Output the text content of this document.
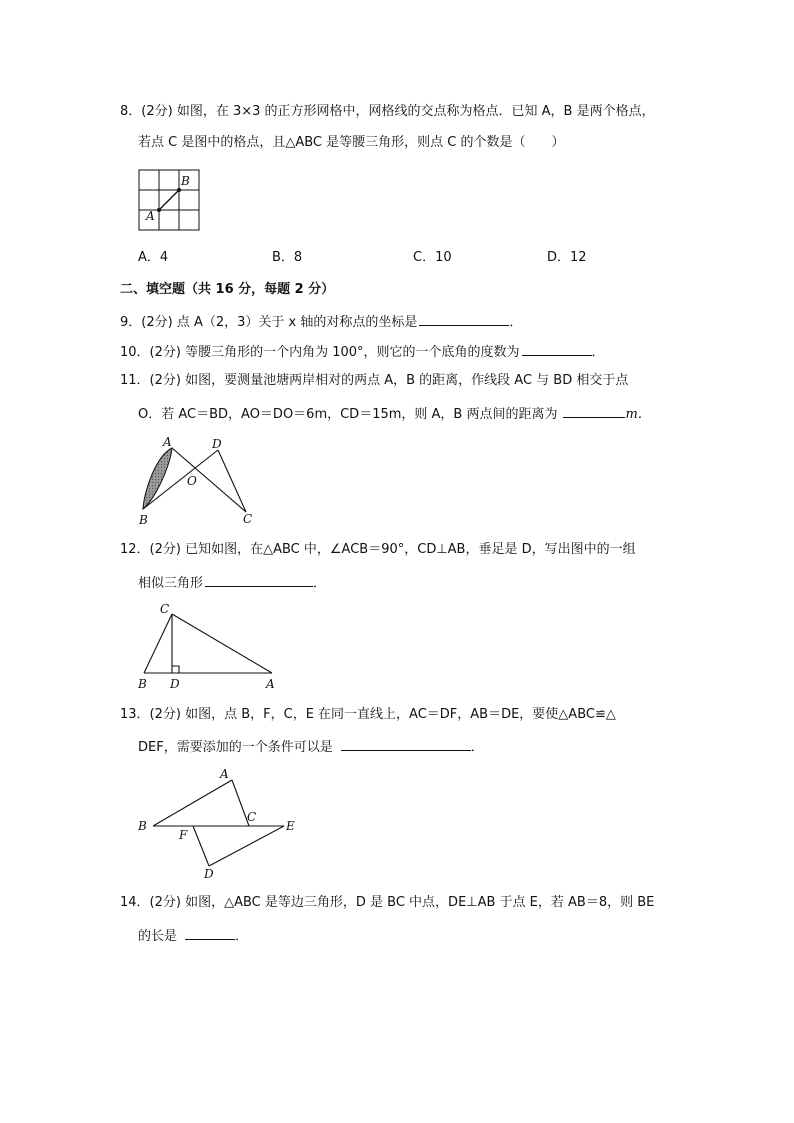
8．(2分) 如图，在 3×3 的正方形网格中，网格线的交点称为格点．已知 A，B 是两个格点，
若点 C 是图中的格点，且△ABC 是等腰三角形，则点 C 的个数是（　　）
B
A
A．4	B．8	C．10	D．12
二、填空题（共 16 分，每题 2 分）
9．(2分) 点 A（2，3）关于 x 轴的对称点的坐标是	．
10．(2分) 等腰三角形的一个内角为 100°，则它的一个底角的度数为	．
11．(2分) 如图，要测量池塘两岸相对的两点 A，B 的距离，作线段 AC 与 BD 相交于点
O．若 AC＝BD，AO＝DO＝6m，CD＝15m，则 A，B 两点间的距离为	m．
A	D
O
B	C
12．(2分) 已知如图，在△ABC 中，∠ACB＝90°，CD⊥AB，垂足是 D，写出图中的一组
相似三角形	．
C
B D	A
13．(2分) 如图，点 B，F，C，E 在同一直线上，AC＝DF，AB＝DE，要使△ABC≌△
DEF，需要添加的一个条件可以是	．
A
B
C
E
F
D
14．(2分) 如图，△ABC 是等边三角形，D 是 BC 中点，DE⊥AB 于点 E，若 AB＝8，则 BE
的长是	．
